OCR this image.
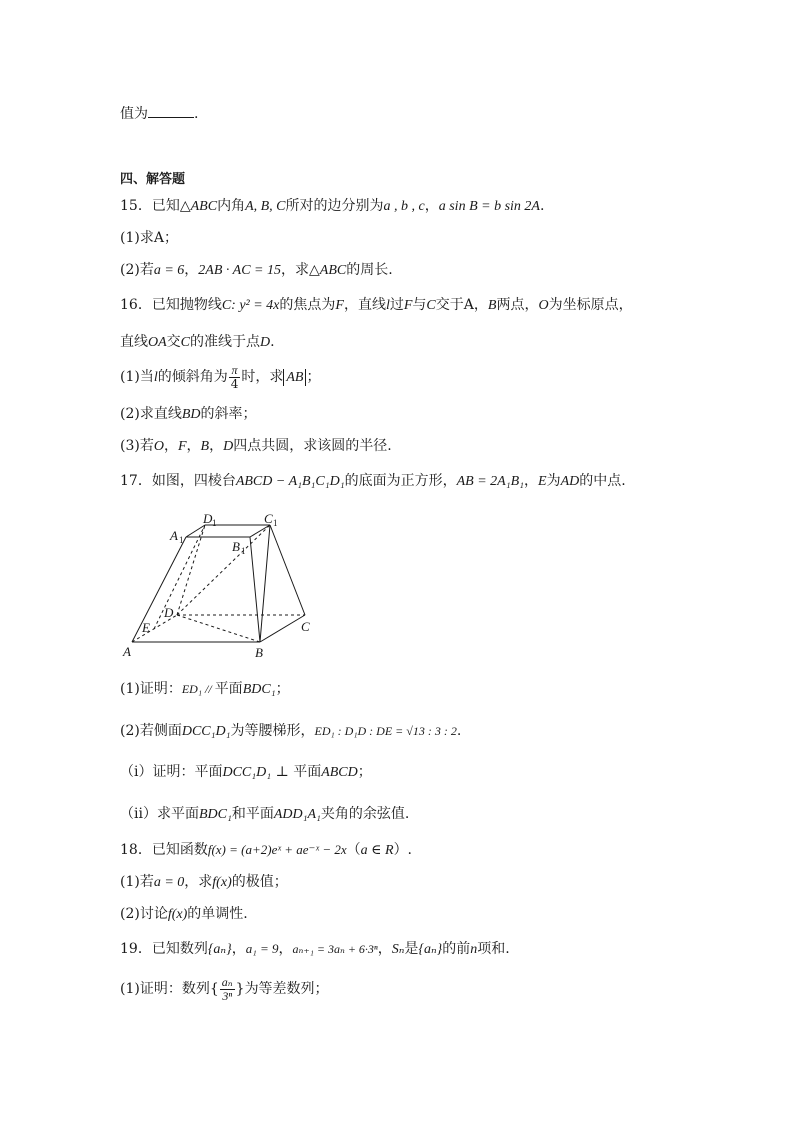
值为	.
四、解答题
15．已知△ABC内角A, B, C所对的边分别为a , b , c，a sin B = b sin 2A.
(1)求A；
(2)若a = 6，2AB · AC = 15，求△ABC的周长.
16．已知抛物线C: y² = 4x的焦点为F，直线l过F与C交于A，B两点，O为坐标原点，
直线OA交C的准线于点D.
(1)当l的倾斜角为 $\frac{\pi}{4}$ 时，求 AB ；
(2)求直线BD的斜率；
(3)若O，F，B，D四点共圆，求该圆的半径.
17．如图，四棱台ABCD − A₁B₁C₁D₁的底面为正方形，AB = 2A₁B₁，E为AD的中点.
A	B
C
D
E
A 1	B 1
C 1
D 1
(1)证明：ED₁ // 平面BDC₁；
(2)若侧面DCC₁D₁为等腰梯形，ED₁ : D₁D : DE = √13 : 3 : 2.
（i）证明：平面DCC₁D₁ ⊥ 平面ABCD；
（ii）求平面BDC₁和平面ADD₁A₁夹角的余弦值.
18．已知函数f(x) = (a+2)eˣ + ae⁻ˣ − 2x（a ∈ R）.
(1)若a = 0，求f(x)的极值；
(2)讨论f(x)的单调性.
19．已知数列{aₙ}，a₁ = 9，aₙ₊₁ = 3aₙ + 6·3ⁿ，Sₙ是{aₙ}的前n项和.
(1)证明：数列{ $\frac{\text{aₙ}}{\text{3ⁿ}}$ }为等差数列；
